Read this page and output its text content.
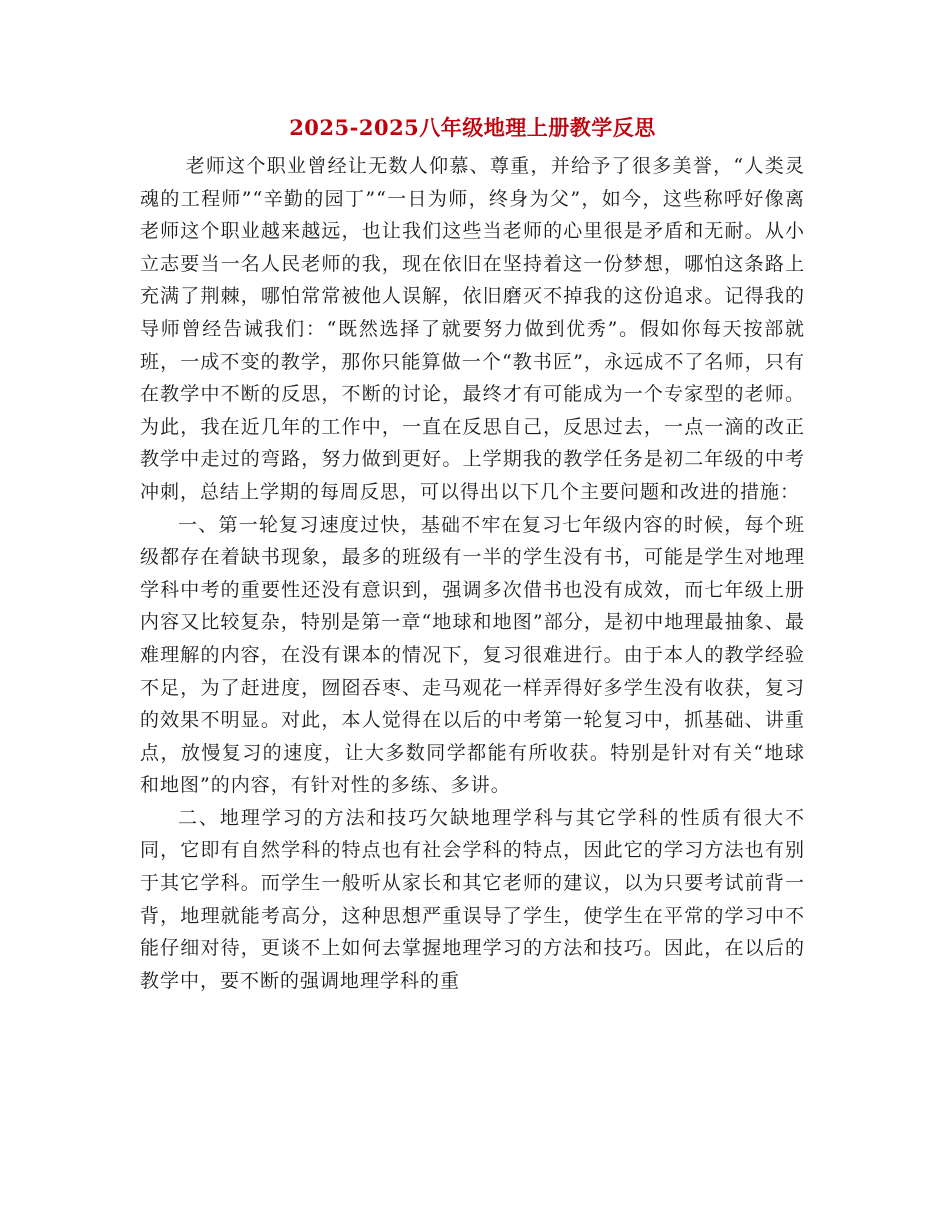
2025-2025八年级地理上册教学反思

老师这个职业曾经让无数人仰慕、尊重，并给予了很多美誉，“人类灵魂的工程师”“辛勤的园丁”“一日为师，终身为父”，如今，这些称呼好像离老师这个职业越来越远，也让我们这些当老师的心里很是矛盾和无耐。从小立志要当一名人民老师的我，现在依旧在坚持着这一份梦想，哪怕这条路上充满了荆棘，哪怕常常被他人误解，依旧磨灭不掉我的这份追求。记得我的导师曾经告诫我们：“既然选择了就要努力做到优秀”。假如你每天按部就班，一成不变的教学，那你只能算做一个“教书匠”，永远成不了名师，只有在教学中不断的反思，不断的讨论，最终才有可能成为一个专家型的老师。为此，我在近几年的工作中，一直在反思自己，反思过去，一点一滴的改正教学中走过的弯路，努力做到更好。上学期我的教学任务是初二年级的中考冲刺，总结上学期的每周反思，可以得出以下几个主要问题和改进的措施：

一、第一轮复习速度过快，基础不牢在复习七年级内容的时候，每个班级都存在着缺书现象，最多的班级有一半的学生没有书，可能是学生对地理学科中考的重要性还没有意识到，强调多次借书也没有成效，而七年级上册内容又比较复杂，特别是第一章“地球和地图”部分，是初中地理最抽象、最难理解的内容，在没有课本的情况下，复习很难进行。由于本人的教学经验不足，为了赶进度，囫囵吞枣、走马观花一样弄得好多学生没有收获，复习的效果不明显。对此，本人觉得在以后的中考第一轮复习中，抓基础、讲重点，放慢复习的速度，让大多数同学都能有所收获。特别是针对有关“地球和地图”的内容，有针对性的多练、多讲。

二、地理学习的方法和技巧欠缺地理学科与其它学科的性质有很大不同，它即有自然学科的特点也有社会学科的特点，因此它的学习方法也有别于其它学科。而学生一般听从家长和其它老师的建议，以为只要考试前背一背，地理就能考高分，这种思想严重误导了学生，使学生在平常的学习中不能仔细对待，更谈不上如何去掌握地理学习的方法和技巧。因此，在以后的教学中，要不断的强调地理学科的重
